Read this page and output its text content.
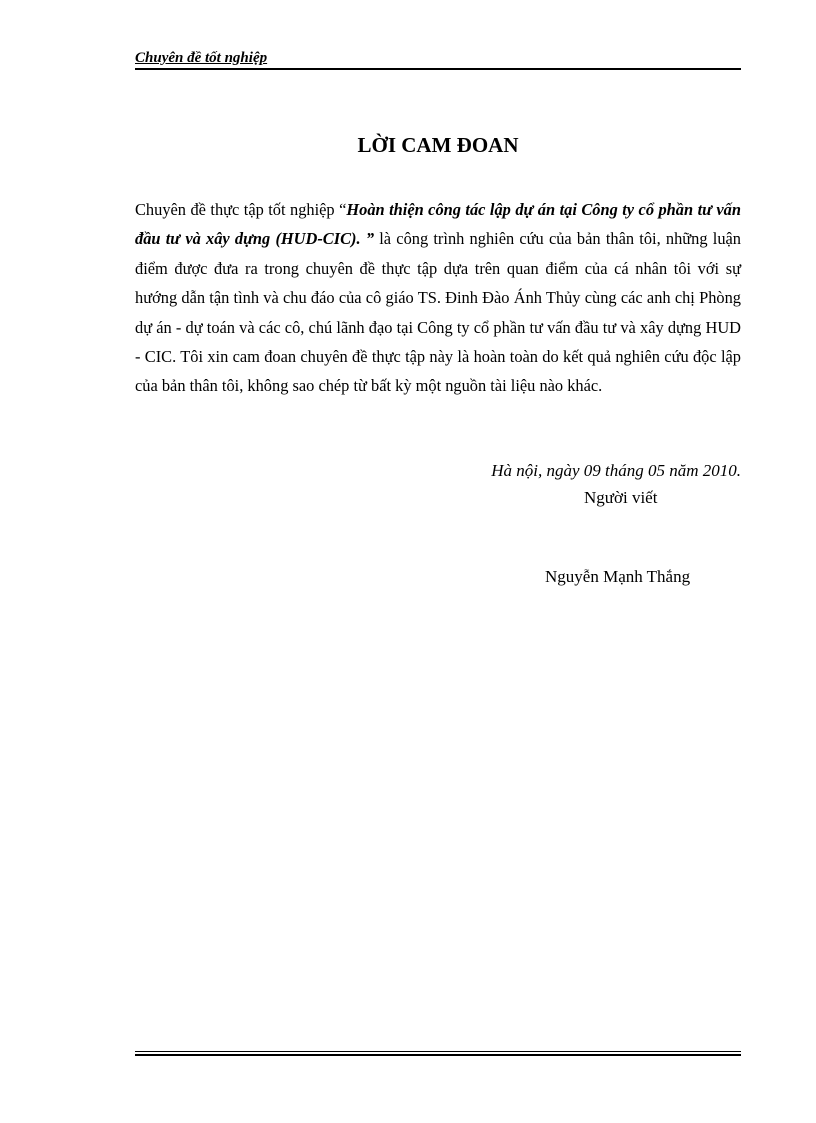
Chuyên đề tốt nghiệp
LỜI CAM ĐOAN
Chuyên đề thực tập tốt nghiệp “Hoàn thiện công tác lập dự án tại Công ty cổ phần tư vấn đầu tư và xây dựng (HUD-CIC). ” là công trình nghiên cứu của bản thân tôi, những luận điểm được đưa ra trong chuyên đề thực tập dựa trên quan điểm của cá nhân tôi với sự hướng dẫn tận tình và chu đáo của cô giáo TS. Đinh Đào Ánh Thủy cùng các anh chị Phòng dự án - dự toán và các cô, chú lãnh đạo tại Công ty cổ phần tư vấn đầu tư và xây dựng HUD - CIC. Tôi xin cam đoan chuyên đề thực tập này là hoàn toàn do kết quả nghiên cứu độc lập của bản thân tôi, không sao chép từ bất kỳ một nguồn tài liệu nào khác.
Hà nội, ngày 09 tháng 05 năm 2010.
Người viết
Nguyễn Mạnh Thắng
